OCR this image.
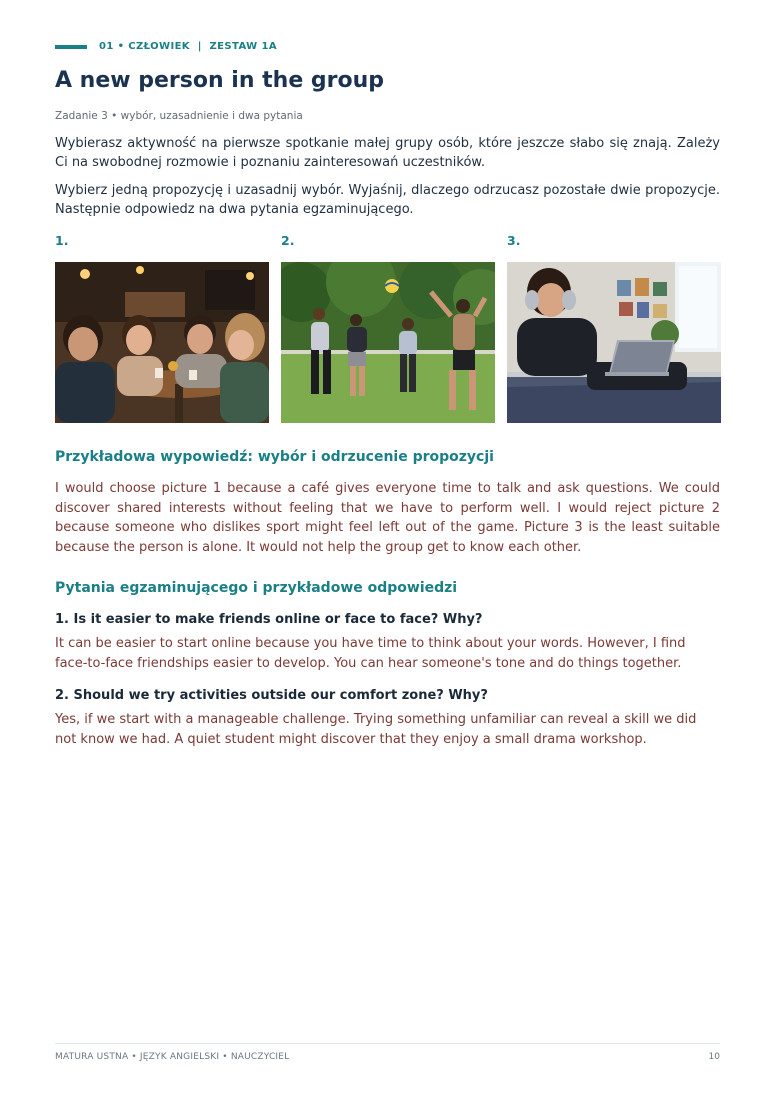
01 • CZŁOWIEK  |  ZESTAW 1A
A new person in the group
Zadanie 3 • wybór, uzasadnienie i dwa pytania

Wybierasz aktywność na pierwsze spotkanie małej grupy osób, które jeszcze słabo się znają. Zależy Ci na swobodnej rozmowie i poznaniu zainteresowań uczestników.

Wybierz jedną propozycję i uzasadnij wybór. Wyjaśnij, dlaczego odrzucasz pozostałe dwie propozycje. Następnie odpowiedz na dwa pytania egzaminującego.

1.	2.	3.
Przykładowa wypowiedź: wybór i odrzucenie propozycji

I would choose picture 1 because a café gives everyone time to talk and ask questions. We could discover shared interests without feeling that we have to perform well. I would reject picture 2 because someone who dislikes sport might feel left out of the game. Picture 3 is the least suitable because the person is alone. It would not help the group get to know each other.

Pytania egzaminującego i przykładowe odpowiedzi

1. Is it easier to make friends online or face to face? Why?

It can be easier to start online because you have time to think about your words. However, I find face-to-face friendships easier to develop. You can hear someone's tone and do things together.

2. Should we try activities outside our comfort zone? Why?

Yes, if we start with a manageable challenge. Trying something unfamiliar can reveal a skill we did not know we had. A quiet student might discover that they enjoy a small drama workshop.

MATURA USTNA • JĘZYK ANGIELSKI • NAUCZYCIEL	10
